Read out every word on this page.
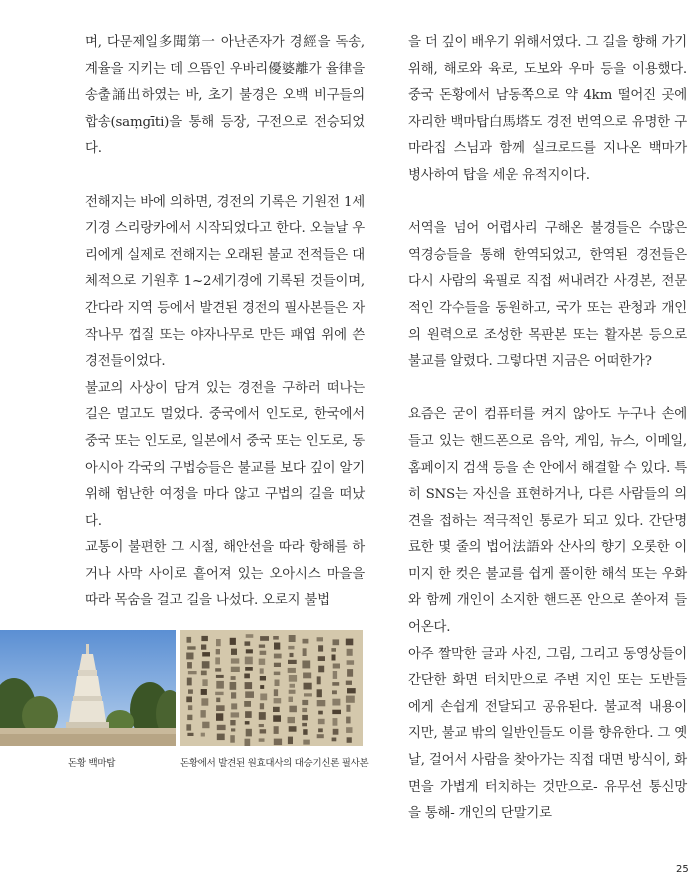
며, 다문제일多聞第一 아난존자가 경經을 독송, 계율을 지키는 데 으뜸인 우바리優婆離가 율律을 송출誦出하였는 바, 초기 불경은 오백 비구들의 합송(saṃgīti)을 통해 등장, 구전으로 전승되었다.

전해지는 바에 의하면, 경전의 기록은 기원전 1세기경 스리랑카에서 시작되었다고 한다. 오늘날 우리에게 실제로 전해지는 오래된 불교 전적들은 대체적으로 기원후 1~2세기경에 기록된 것들이며, 간다라 지역 등에서 발견된 경전의 필사본들은 자작나무 껍질 또는 야자나무로 만든 패엽 위에 쓴 경전들이었다.

불교의 사상이 담겨 있는 경전을 구하러 떠나는 길은 멀고도 멀었다. 중국에서 인도로, 한국에서 중국 또는 인도로, 일본에서 중국 또는 인도로, 동아시아 각국의 구법승들은 불교를 보다 깊이 알기 위해 험난한 여정을 마다 않고 구법의 길을 떠났다.

교통이 불편한 그 시절, 해안선을 따라 항해를 하거나 사막 사이로 흩어져 있는 오아시스 마을을 따라 목숨을 걸고 길을 나섰다. 오로지 불법

을 더 깊이 배우기 위해서였다. 그 길을 향해 가기 위해, 해로와 육로, 도보와 우마 등을 이용했다. 중국 돈황에서 남동쪽으로 약 4km 떨어진 곳에 자리한 백마탑白馬塔도 경전 번역으로 유명한 구마라집 스님과 함께 실크로드를 지나온 백마가 병사하여 탑을 세운 유적지이다.

서역을 넘어 어렵사리 구해온 불경들은 수많은 역경승들을 통해 한역되었고, 한역된 경전들은 다시 사람의 육필로 직접 써내려간 사경본, 전문적인 각수들을 동원하고, 국가 또는 관청과 개인의 원력으로 조성한 목판본 또는 활자본 등으로 불교를 알렸다. 그렇다면 지금은 어떠한가?

요즘은 굳이 컴퓨터를 켜지 않아도 누구나 손에 들고 있는 핸드폰으로 음악, 게임, 뉴스, 이메일, 홈페이지 검색 등을 손 안에서 해결할 수 있다. 특히 SNS는 자신을 표현하거나, 다른 사람들의 의견을 접하는 적극적인 통로가 되고 있다. 간단명료한 몇 줄의 법어法語와 산사의 향기 오롯한 이미지 한 컷은 불교를 쉽게 풀이한 해석 또는 우화와 함께 개인이 소지한 핸드폰 안으로 쏟아져 들어온다.

아주 짤막한 글과 사진, 그림, 그리고 동영상들이 간단한 화면 터치만으로 주변 지인 또는 도반들에게 손쉽게 전달되고 공유된다. 불교적 내용이지만, 불교 밖의 일반인들도 이를 향유한다. 그 옛날, 걸어서 사람을 찾아가는 직접 대면 방식이, 화면을 가볍게 터치하는 것만으로- 유무선 통신망을 통해- 개인의 단말기로

돈황 백마탑	돈황에서 발견된 원효대사의 대승기신론 필사본
25
